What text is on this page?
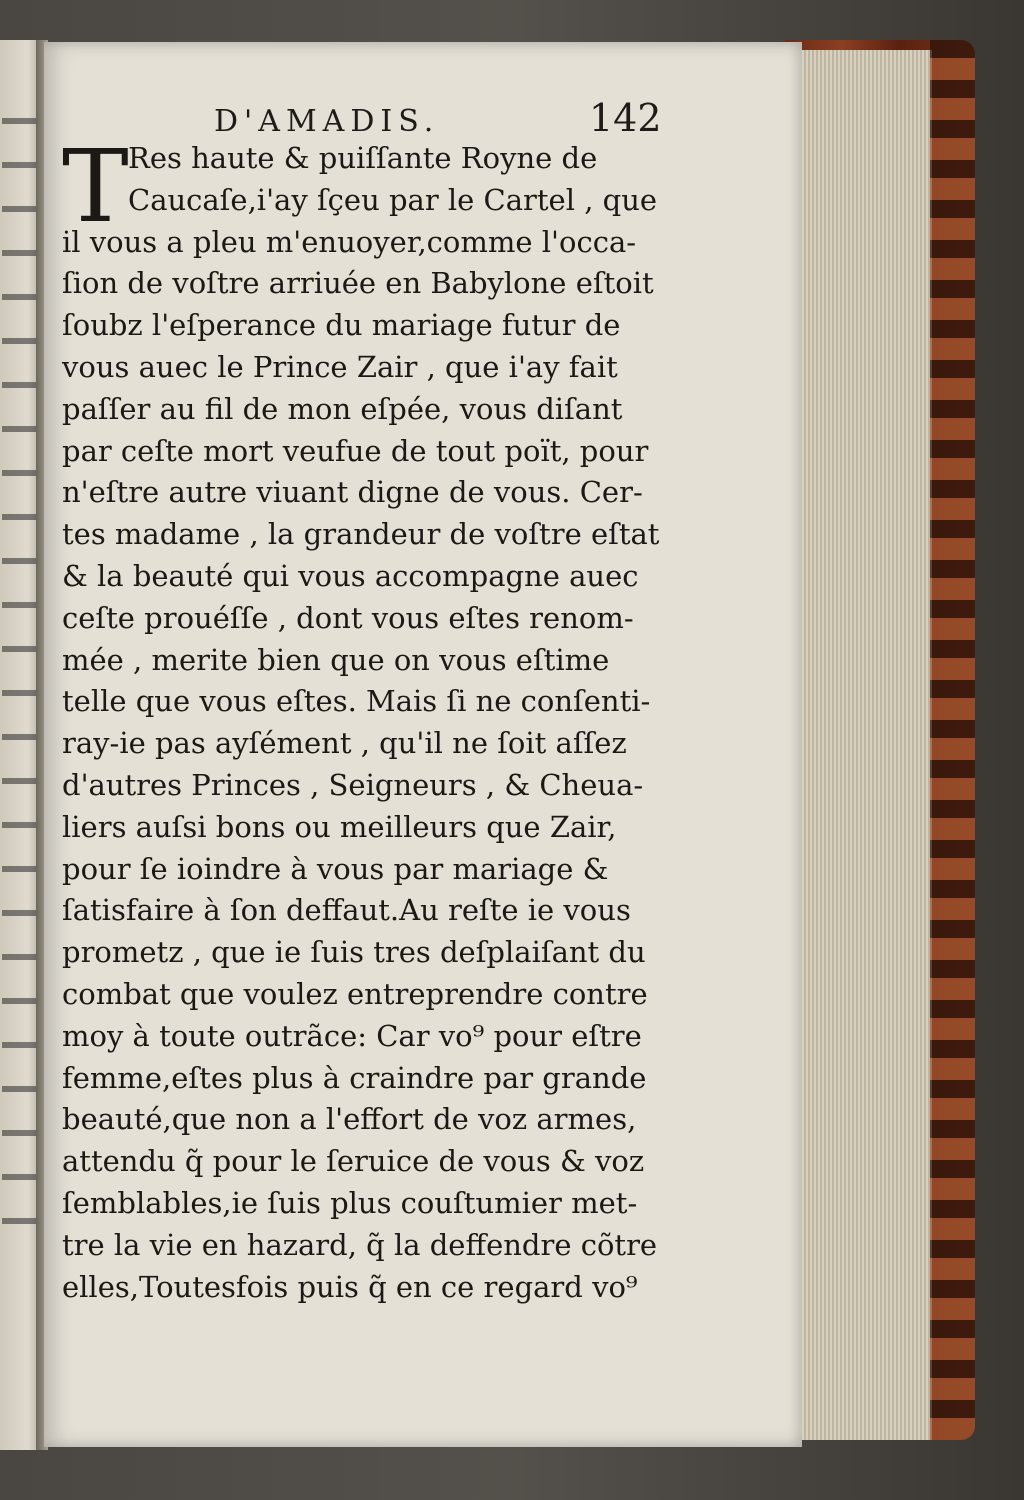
D'AMADIS.	142
T Res haute & puiſſante Royne de
Caucaſe,i'ay ſçeu par le Cartel , que
il vous a pleu m'enuoyer,comme l'occa-
ſion de voſtre arriuée en Babylone eſtoit
ſoubz l'eſperance du mariage futur de
vous auec le Prince Zair , que i'ay fait
paſſer au fil de mon eſpée, vous diſant
par ceſte mort veufue de tout poït, pour
n'eſtre autre viuant digne de vous. Cer-
tes madame , la grandeur de voſtre eſtat
& la beauté qui vous accompagne auec
ceſte prouéſſe , dont vous eſtes renom-
mée , merite bien que on vous eſtime
telle que vous eſtes. Mais ſi ne conſenti-
ray-ie pas ayſément , qu'il ne ſoit aſſez
d'autres Princes , Seigneurs , & Cheua-
liers auſsi bons ou meilleurs que Zair,
pour ſe ioindre à vous par mariage &
ſatisfaire à ſon deffaut.Au reſte ie vous
prometz , que ie ſuis tres deſplaiſant du
combat que voulez entreprendre contre
moy à toute outrãce: Car vo⁹ pour eſtre
femme,eſtes plus à craindre par grande
beauté,que non a l'effort de voz armes,
attendu q̃ pour le ſeruice de vous & voz
ſemblables,ie ſuis plus couſtumier met-
tre la vie en hazard, q̃ la deffendre cõtre
elles,Toutesfois puis q̃ en ce regard vo⁹
